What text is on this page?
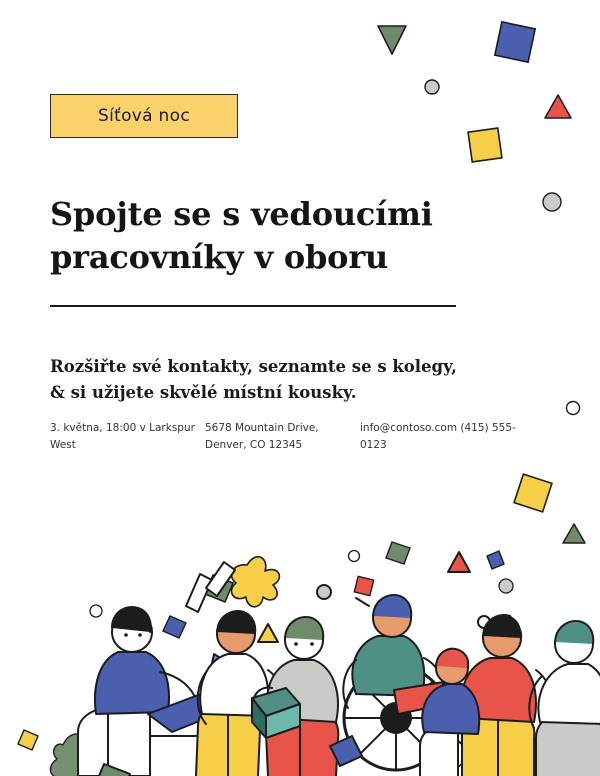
Síťová noc
Spojte se s vedoucími pracovníky v oboru

Rozšiřte své kontakty, seznamte se s kolegy, & si užijete skvělé místní kousky.

3. května, 18:00 v Larkspur West
5678 Mountain Drive, Denver, CO 12345
info@contoso.com (415) 555-0123
